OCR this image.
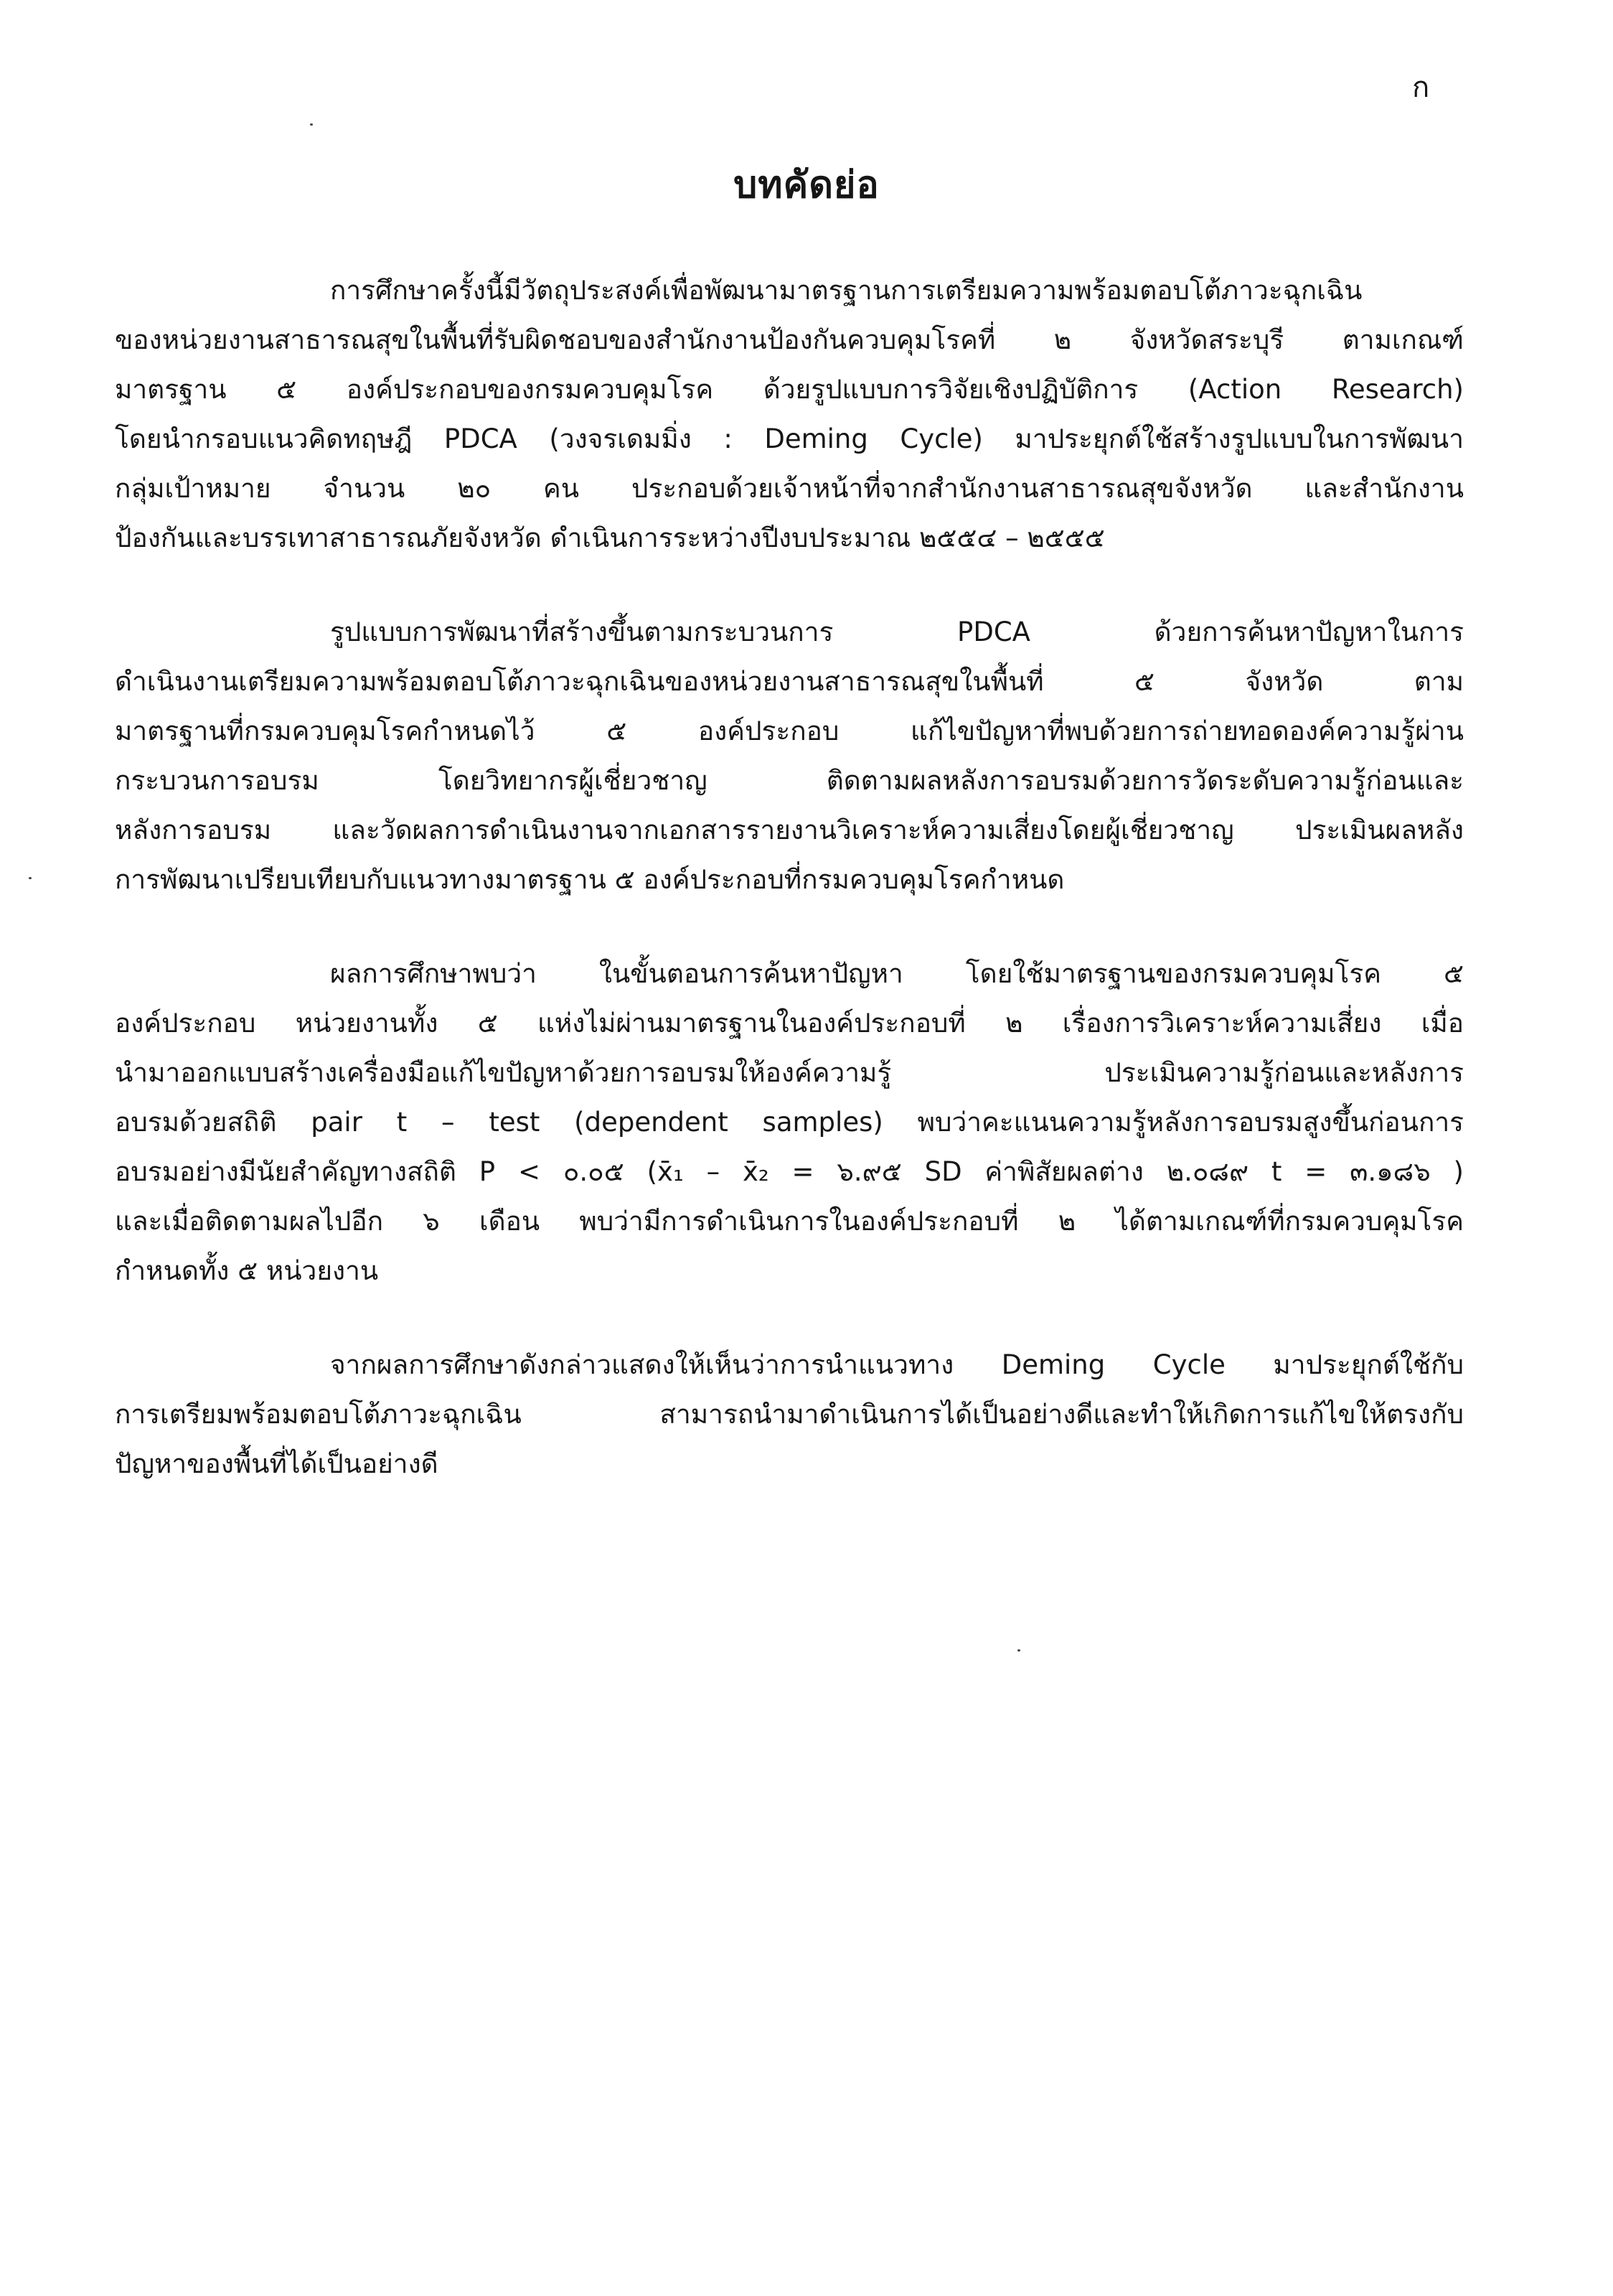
ก
บทคัดย่อ
การศึกษาครั้งนี้มีวัตถุประสงค์เพื่อพัฒนามาตรฐานการเตรียมความพร้อมตอบโต้ภาวะฉุกเฉิน
ของหน่วยงานสาธารณสุขในพื้นที่รับผิดชอบของสำนักงานป้องกันควบคุมโรคที่ ๒ จังหวัดสระบุรี ตามเกณฑ์
มาตรฐาน ๕ องค์ประกอบของกรมควบคุมโรค ด้วยรูปแบบการวิจัยเชิงปฏิบัติการ (Action Research)
โดยนำกรอบแนวคิดทฤษฎี PDCA (วงจรเดมมิ่ง : Deming Cycle) มาประยุกต์ใช้สร้างรูปแบบในการพัฒนา
กลุ่มเป้าหมาย จำนวน ๒๐ คน ประกอบด้วยเจ้าหน้าที่จากสำนักงานสาธารณสุขจังหวัด และสำนักงาน
ป้องกันและบรรเทาสาธารณภัยจังหวัด ดำเนินการระหว่างปีงบประมาณ ๒๕๕๔ – ๒๕๕๕
รูปแบบการพัฒนาที่สร้างขึ้นตามกระบวนการ PDCA ด้วยการค้นหาปัญหาในการ
ดำเนินงานเตรียมความพร้อมตอบโต้ภาวะฉุกเฉินของหน่วยงานสาธารณสุขในพื้นที่ ๕ จังหวัด ตาม
มาตรฐานที่กรมควบคุมโรคกำหนดไว้ ๕ องค์ประกอบ แก้ไขปัญหาที่พบด้วยการถ่ายทอดองค์ความรู้ผ่าน
กระบวนการอบรม โดยวิทยากรผู้เชี่ยวชาญ ติดตามผลหลังการอบรมด้วยการวัดระดับความรู้ก่อนและ
หลังการอบรม และวัดผลการดำเนินงานจากเอกสารรายงานวิเคราะห์ความเสี่ยงโดยผู้เชี่ยวชาญ ประเมินผลหลัง
การพัฒนาเปรียบเทียบกับแนวทางมาตรฐาน ๕ องค์ประกอบที่กรมควบคุมโรคกำหนด
ผลการศึกษาพบว่า ในขั้นตอนการค้นหาปัญหา โดยใช้มาตรฐานของกรมควบคุมโรค ๕
องค์ประกอบ หน่วยงานทั้ง ๕ แห่งไม่ผ่านมาตรฐานในองค์ประกอบที่ ๒ เรื่องการวิเคราะห์ความเสี่ยง เมื่อ
นำมาออกแบบสร้างเครื่องมือแก้ไขปัญหาด้วยการอบรมให้องค์ความรู้ ประเมินความรู้ก่อนและหลังการ
อบรมด้วยสถิติ pair t – test (dependent samples) พบว่าคะแนนความรู้หลังการอบรมสูงขึ้นก่อนการ
อบรมอย่างมีนัยสำคัญทางสถิติ P < ๐.๐๕ (x̄₁ – x̄₂ = ๖.๙๕ SD ค่าพิสัยผลต่าง ๒.๐๘๙ t = ๓.๑๘๖ )
และเมื่อติดตามผลไปอีก ๖ เดือน พบว่ามีการดำเนินการในองค์ประกอบที่ ๒ ได้ตามเกณฑ์ที่กรมควบคุมโรค
กำหนดทั้ง ๕ หน่วยงาน
จากผลการศึกษาดังกล่าวแสดงให้เห็นว่าการนำแนวทาง Deming Cycle มาประยุกต์ใช้กับ
การเตรียมพร้อมตอบโต้ภาวะฉุกเฉิน สามารถนำมาดำเนินการได้เป็นอย่างดีและทำให้เกิดการแก้ไขให้ตรงกับ
ปัญหาของพื้นที่ได้เป็นอย่างดี
